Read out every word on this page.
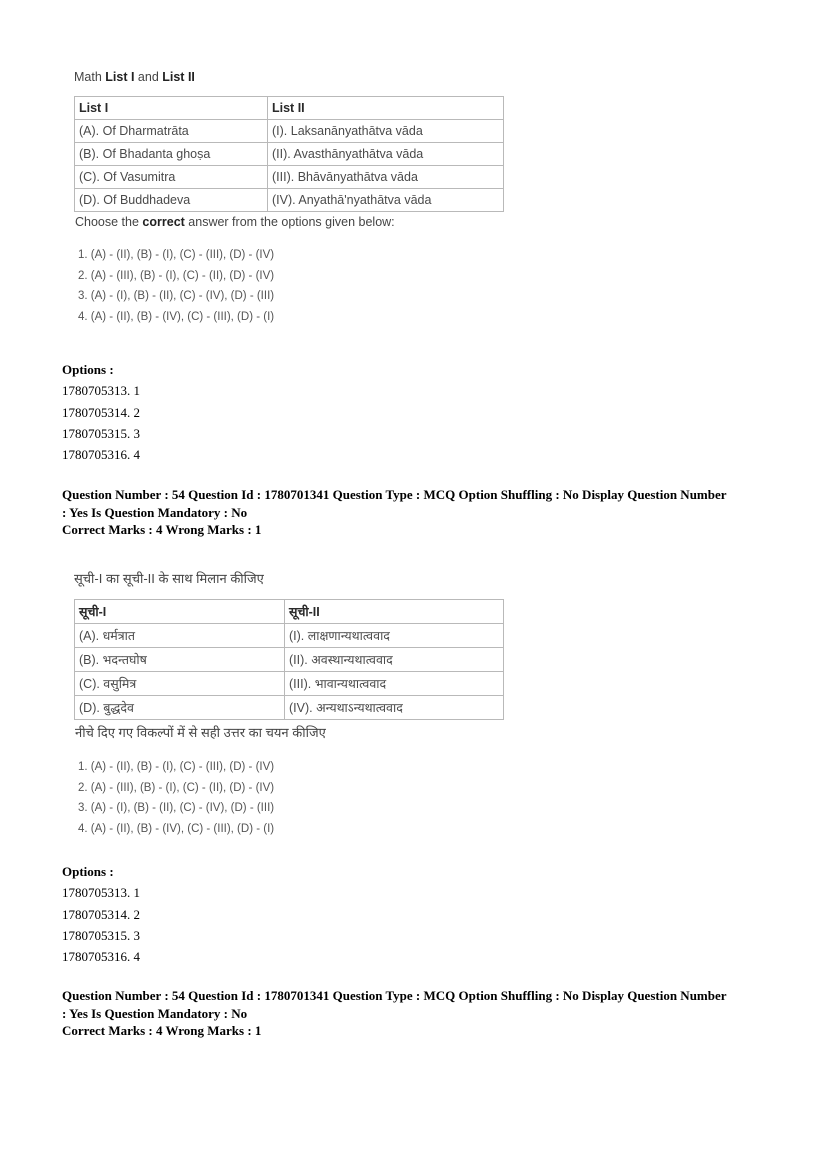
Math List I and List II

List I	List II
(A). Of Dharmatrāta	(I). Laksanānyathātva vāda
(B). Of Bhadanta ghoṣa	(II). Avasthānyathātva vāda
(C). Of Vasumitra	(III). Bhāvānyathātva vāda
(D). Of Buddhadeva	(IV). Anyathā'nyathātva vāda

Choose the correct answer from the options given below:

1. (A) - (II), (B) - (I), (C) - (III), (D) - (IV)
2. (A) - (III), (B) - (I), (C) - (II), (D) - (IV)
3. (A) - (I), (B) - (II), (C) - (IV), (D) - (III)
4. (A) - (II), (B) - (IV), (C) - (III), (D) - (I)
Options :
1780705313. 1
1780705314. 2
1780705315. 3
1780705316. 4
Question Number : 54 Question Id : 1780701341 Question Type : MCQ Option Shuffling : No Display Question Number
: Yes Is Question Mandatory : No
Correct Marks : 4 Wrong Marks : 1

सूची-I का सूची-II के साथ मिलान कीजिए

सूची-I	सूची-II
(A). धर्मत्रात	(I). लाक्षणान्यथात्ववाद
(B). भदन्तघोष	(II). अवस्थान्यथात्ववाद
(C). वसुमित्र	(III). भावान्यथात्ववाद
(D). बुद्धदेव	(IV). अन्यथाऽन्यथात्ववाद

नीचे दिए गए विकल्पों में से सही उत्तर का चयन कीजिए

1. (A) - (II), (B) - (I), (C) - (III), (D) - (IV)
2. (A) - (III), (B) - (I), (C) - (II), (D) - (IV)
3. (A) - (I), (B) - (II), (C) - (IV), (D) - (III)
4. (A) - (II), (B) - (IV), (C) - (III), (D) - (I)
Options :
1780705313. 1
1780705314. 2
1780705315. 3
1780705316. 4
Question Number : 54 Question Id : 1780701341 Question Type : MCQ Option Shuffling : No Display Question Number
: Yes Is Question Mandatory : No
Correct Marks : 4 Wrong Marks : 1
